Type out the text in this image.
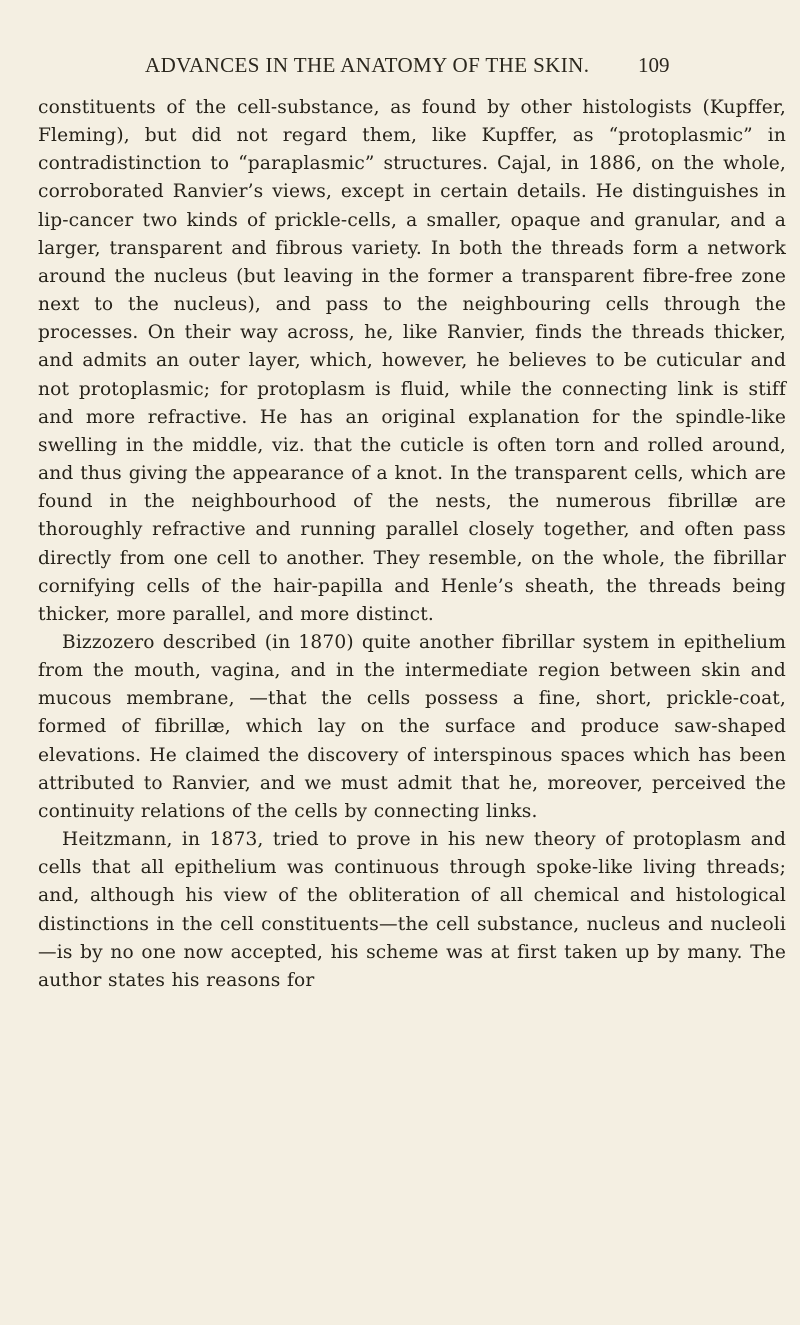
ADVANCES IN THE ANATOMY OF THE SKIN. 109

constituents of the cell-substance, as found by other histologists (Kupffer, Fleming), but did not regard them, like Kupffer, as “protoplasmic” in contradistinction to “paraplasmic” structures. Cajal, in 1886, on the whole, corroborated Ranvier’s views, except in certain details. He distinguishes in lip-cancer two kinds of prickle-cells, a smaller, opaque and granular, and a larger, transparent and fibrous variety. In both the threads form a network around the nucleus (but leaving in the former a transparent fibre-free zone next to the nucleus), and pass to the neighbouring cells through the processes. On their way across, he, like Ranvier, finds the threads thicker, and admits an outer layer, which, however, he believes to be cuticular and not protoplasmic; for protoplasm is fluid, while the connecting link is stiff and more refractive. He has an original explanation for the spindle-like swelling in the middle, viz. that the cuticle is often torn and rolled around, and thus giving the appearance of a knot. In the transparent cells, which are found in the neighbourhood of the nests, the numerous fibrillæ are thoroughly refractive and running parallel closely together, and often pass directly from one cell to another. They resemble, on the whole, the fibrillar cornifying cells of the hair-papilla and Henle’s sheath, the threads being thicker, more parallel, and more distinct.

Bizzozero described (in 1870) quite another fibrillar system in epithelium from the mouth, vagina, and in the intermediate region between skin and mucous membrane, —that the cells possess a fine, short, prickle-coat, formed of fibrillæ, which lay on the surface and produce saw-shaped elevations. He claimed the discovery of interspinous spaces which has been attributed to Ranvier, and we must admit that he, moreover, perceived the continuity relations of the cells by connecting links.

Heitzmann, in 1873, tried to prove in his new theory of protoplasm and cells that all epithelium was continuous through spoke-like living threads; and, although his view of the obliteration of all chemical and histological distinctions in the cell constituents—the cell substance, nucleus and nucleoli—is by no one now accepted, his scheme was at first taken up by many. The author states his reasons for
